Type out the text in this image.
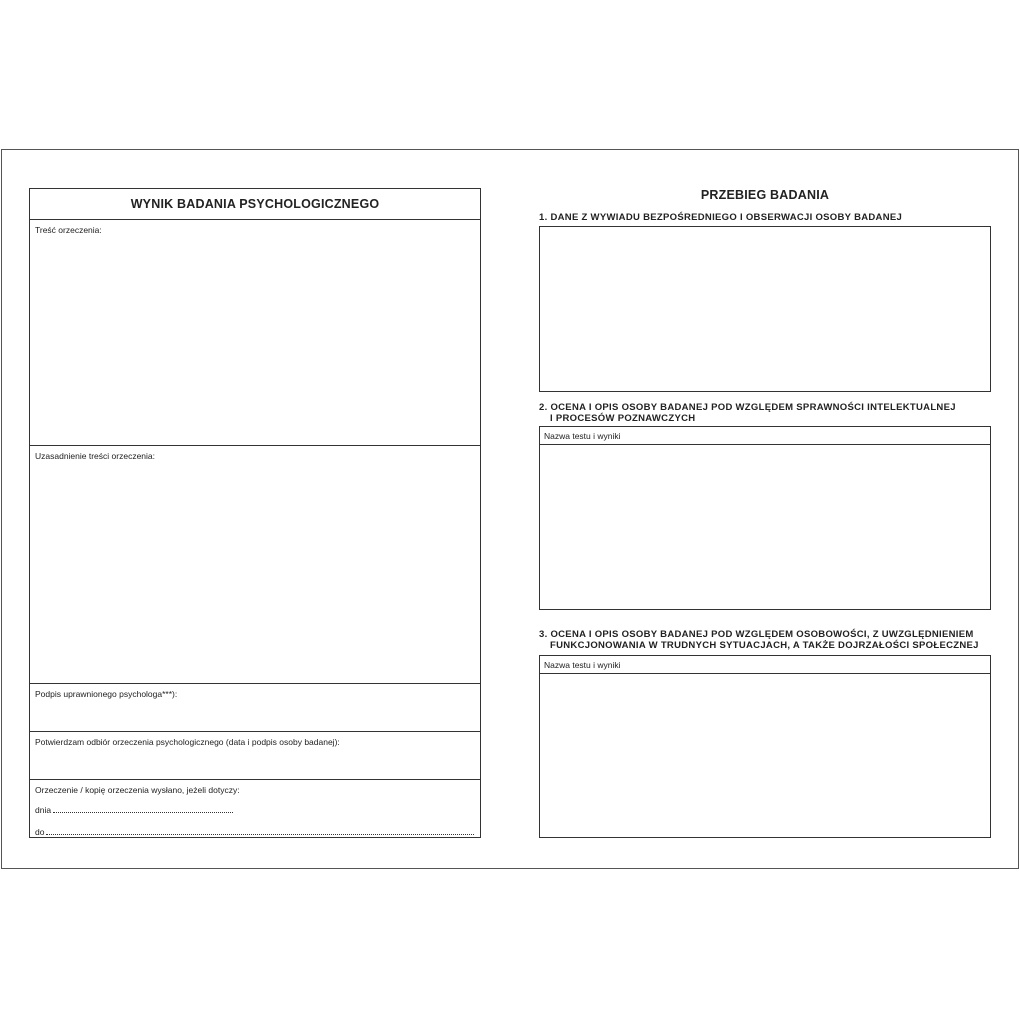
WYNIK BADANIA PSYCHOLOGICZNEGO
Treść orzeczenia:
Uzasadnienie treści orzeczenia:
Podpis uprawnionego psychologa***):
Potwierdzam odbiór orzeczenia psychologicznego (data i podpis osoby badanej):
Orzeczenie / kopię orzeczenia wysłano, jeżeli dotyczy:
dnia
do
PRZEBIEG BADANIA
1. DANE Z WYWIADU BEZPOŚREDNIEGO I OBSERWACJI OSOBY BADANEJ
2. OCENA I OPIS OSOBY BADANEJ POD WZGLĘDEM SPRAWNOŚCI INTELEKTUALNEJ
I PROCESÓW POZNAWCZYCH
Nazwa testu i wyniki
3. OCENA I OPIS OSOBY BADANEJ POD WZGLĘDEM OSOBOWOŚCI, Z UWZGLĘDNIENIEM
FUNKCJONOWANIA W TRUDNYCH SYTUACJACH, A TAKŻE DOJRZAŁOŚCI SPOŁECZNEJ
Nazwa testu i wyniki
